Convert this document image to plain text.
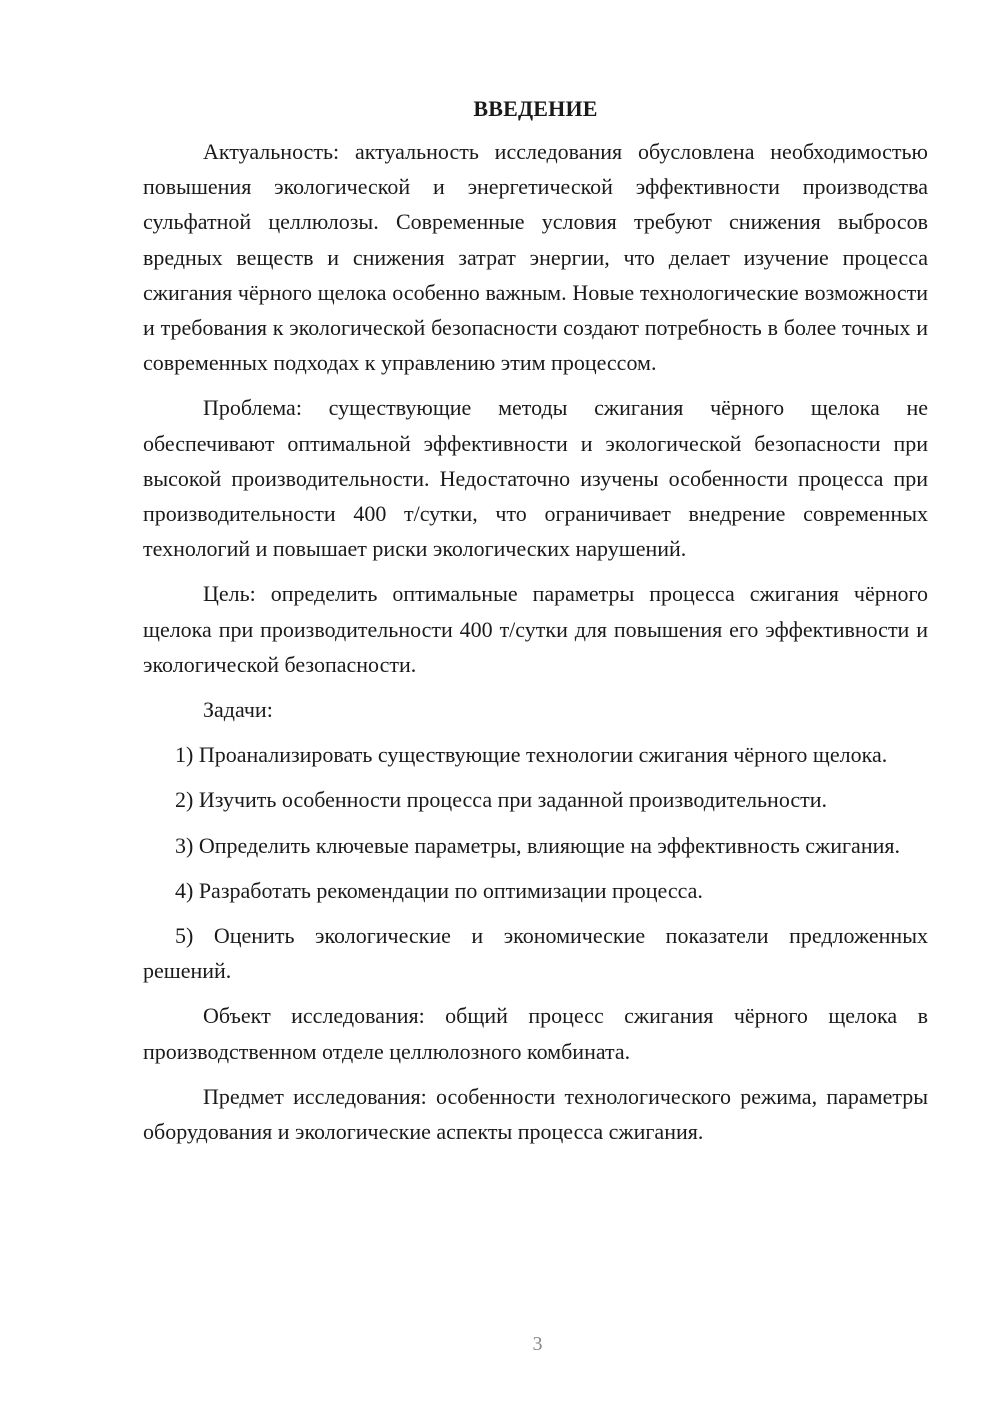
ВВЕДЕНИЕ

Актуальность: актуальность исследования обусловлена необходимостью повышения экологической и энергетической эффективности производства сульфатной целлюлозы. Современные условия требуют снижения выбросов вредных веществ и снижения затрат энергии, что делает изучение процесса сжигания чёрного щелока особенно важным. Новые технологические возможности и требования к экологической безопасности создают потребность в более точных и современных подходах к управлению этим процессом.

Проблема: существующие методы сжигания чёрного щелока не обеспечивают оптимальной эффективности и экологической безопасности при высокой производительности. Недостаточно изучены особенности процесса при производительности 400 т/сутки, что ограничивает внедрение современных технологий и повышает риски экологических нарушений.

Цель: определить оптимальные параметры процесса сжигания чёрного щелока при производительности 400 т/сутки для повышения его эффективности и экологической безопасности.

Задачи:

1) Проанализировать существующие технологии сжигания чёрного щелока.

2) Изучить особенности процесса при заданной производительности.

3) Определить ключевые параметры, влияющие на эффективность сжигания.

4) Разработать рекомендации по оптимизации процесса.

5) Оценить экологические и экономические показатели предложенных решений.

Объект исследования: общий процесс сжигания чёрного щелока в производственном отделе целлюлозного комбината.

Предмет исследования: особенности технологического режима, параметры оборудования и экологические аспекты процесса сжигания.

3
